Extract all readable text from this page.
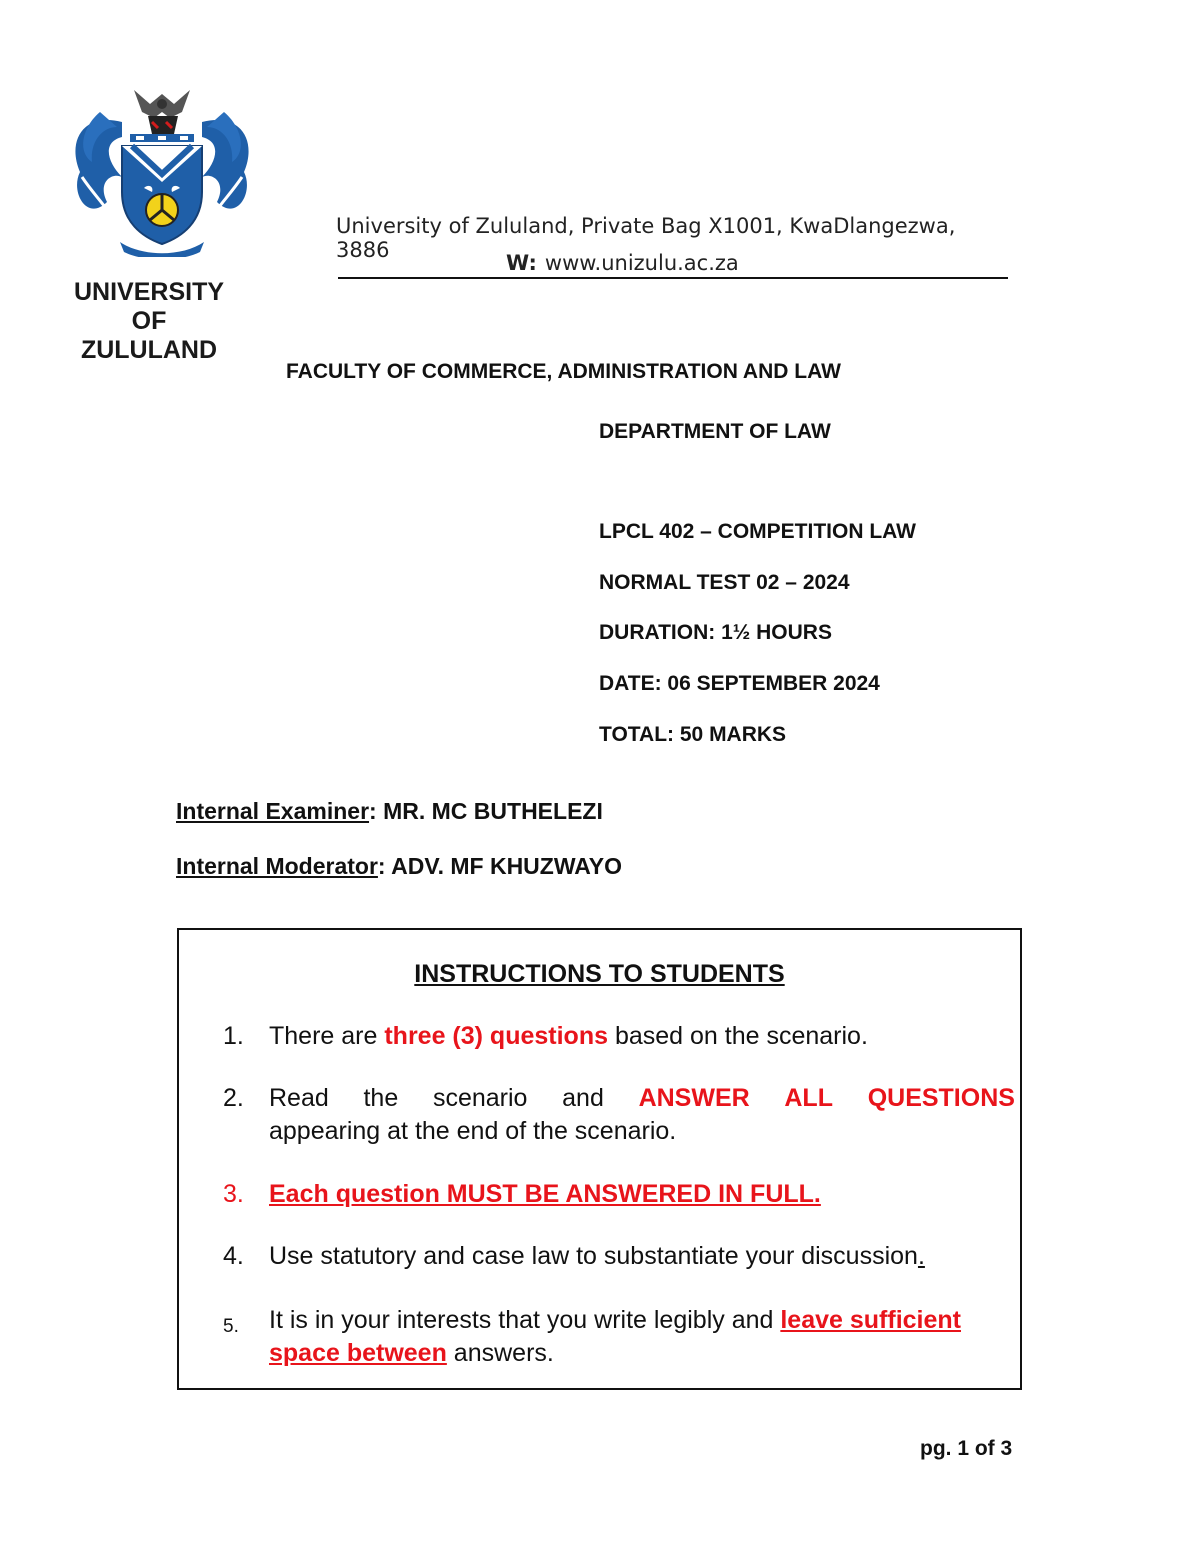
UNIVERSITY OF
ZULULAND
University of Zululand, Private Bag X1001, KwaDlangezwa, 3886
W: www.unizulu.ac.za
FACULTY OF COMMERCE, ADMINISTRATION AND LAW
DEPARTMENT OF LAW
LPCL 402 – COMPETITION LAW
NORMAL TEST 02 – 2024
DURATION: 1½ HOURS
DATE: 06 SEPTEMBER 2024
TOTAL: 50 MARKS
Internal Examiner: MR. MC BUTHELEZI
Internal Moderator: ADV. MF KHUZWAYO
INSTRUCTIONS TO STUDENTS
1. There are three (3) questions based on the scenario.
2. Read the scenario and ANSWER ALL QUESTIONS
appearing at the end of the scenario.
3. Each question MUST BE ANSWERED IN FULL.
4. Use statutory and case law to substantiate your discussion.
5. It is in your interests that you write legibly and leave sufficient space between answers.
pg. 1 of 3
